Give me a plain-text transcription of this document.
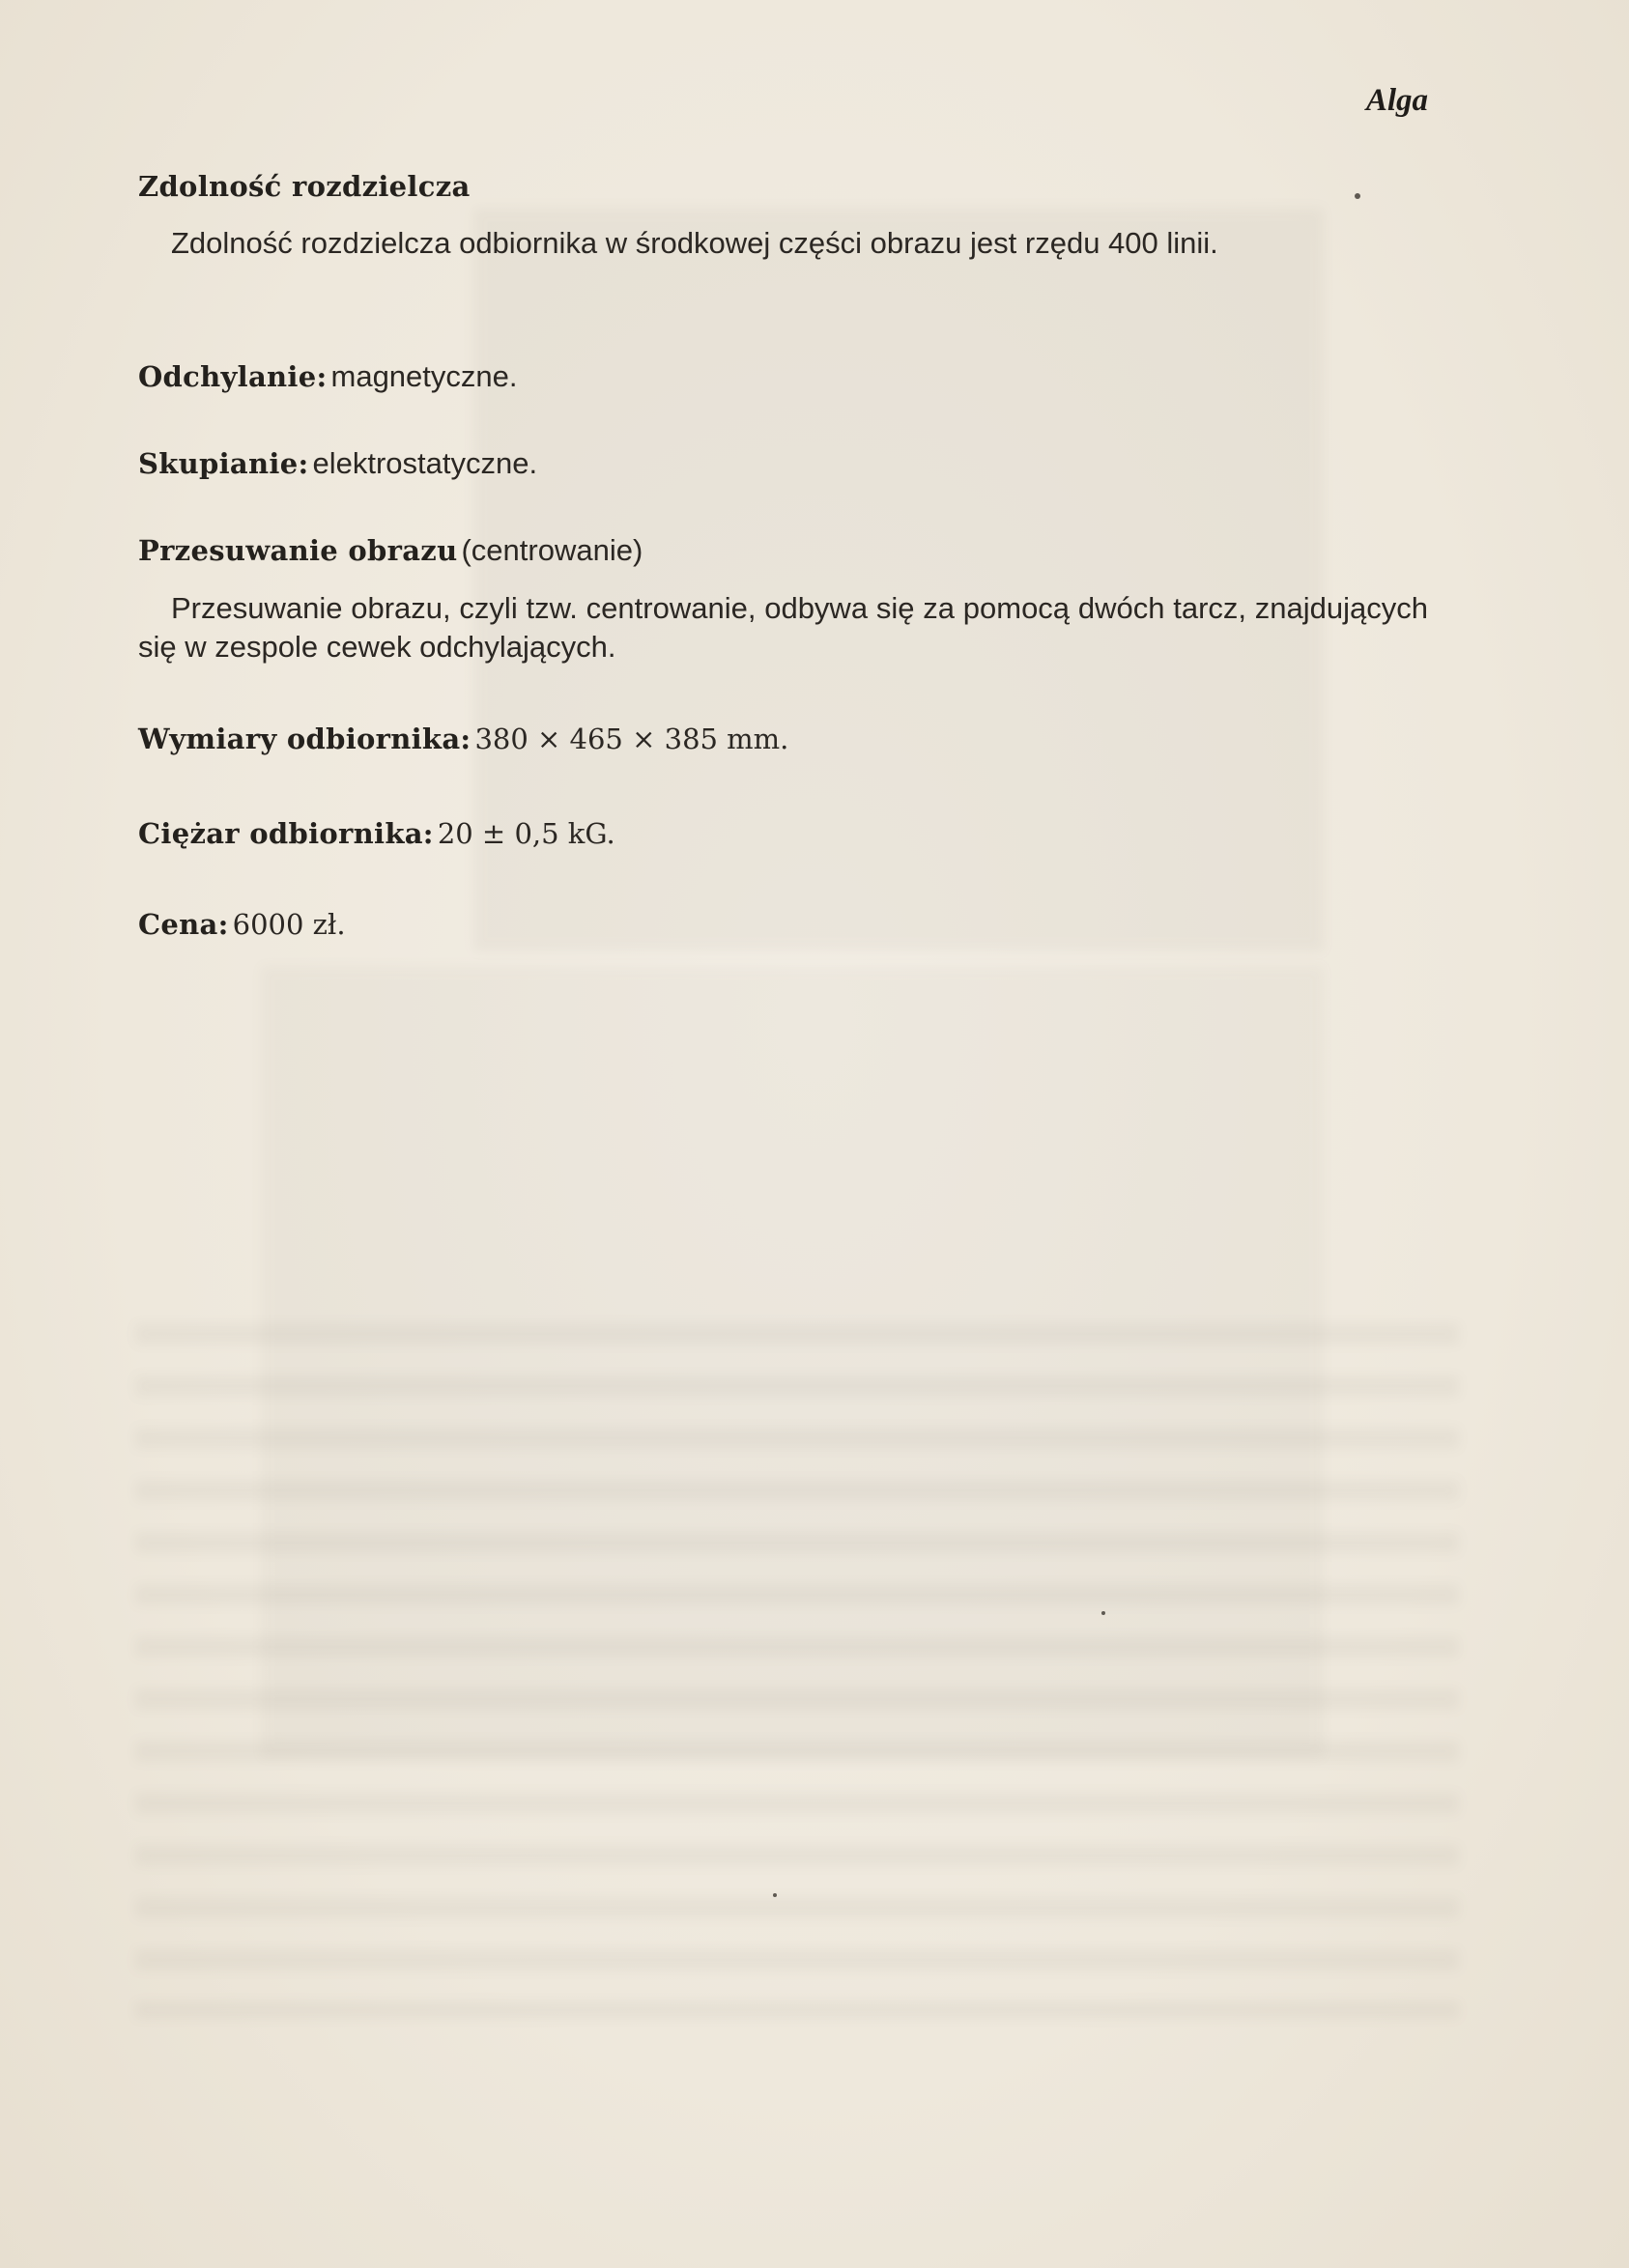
Alga
Zdolność rozdzielcza
Zdolność rozdzielcza odbiornika w środkowej części obrazu jest rzędu 400 linii.
Odchylanie: magnetyczne.
Skupianie: elektrostatyczne.
Przesuwanie obrazu (centrowanie)
Przesuwanie obrazu, czyli tzw. centrowanie, odbywa się za pomocą dwóch tarcz, znajdujących się w zespole cewek odchylających.
Wymiary odbiornika: 380 × 465 × 385 mm.
Ciężar odbiornika: 20 ± 0,5 kG.
Cena: 6000 zł.
